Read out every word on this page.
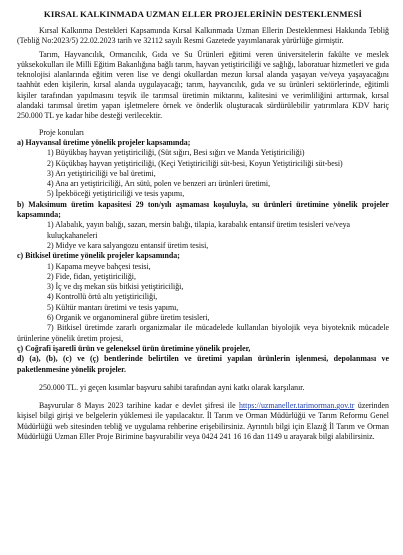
KIRSAL KALKINMADA UZMAN ELLER PROJELERİNİN DESTEKLENMESİ

Kırsal Kalkınma Destekleri Kapsamında Kırsal Kalkınmada Uzman Ellerin Desteklenmesi Hakkında Tebliğ (Tebliğ No:2023/5) 22.02.2023 tarih ve 32112 sayılı Resmi Gazetede yayımlanarak yürürlüğe girmiştir.

Tarım, Hayvancılık, Ormancılık, Gıda ve Su Ürünleri eğitimi veren üniversitelerin fakülte ve meslek yüksekokulları ile Milli Eğitim Bakanlığına bağlı tarım, hayvan yetiştiriciliği ve sağlığı, laboratuar hizmetleri ve gıda teknolojisi alanlarında eğitim veren lise ve dengi okullardan mezun kırsal alanda yaşayan ve/veya yaşayacağını taahhüt eden kişilerin, kırsal alanda uygulayacağı; tarım, hayvancılık, gıda ve su ürünleri sektörlerinde, eğitimli kişiler tarafından yapılmasını teşvik ile tarımsal üretimin miktarını, kalitesini ve verimliliğini arttırmak, kırsal alandaki tarımsal üretim yapan işletmelere örnek ve önderlik oluşturacak sürdürülebilir yatırımlara KDV hariç 250.000 TL ye kadar hibe desteği verilecektir.

Proje konuları

a) Hayvansal üretime yönelik projeler kapsamında;

1) Büyükbaş hayvan yetiştiriciliği, (Süt sığırı, Besi sığırı ve Manda Yetiştiriciliği)

2) Küçükbaş hayvan yetiştiriciliği, (Keçi Yetiştiriciliği süt-besi, Koyun Yetiştiriciliği süt-besi)

3) Arı yetiştiriciliği ve bal üretimi,

4) Ana arı yetiştiriciliği, Arı sütü, polen ve benzeri arı ürünleri üretimi,

5) İpekböceği yetiştiriciliği ve tesis yapımı,

b) Maksimum üretim kapasitesi 29 ton/yılı aşmaması koşuluyla, su ürünleri üretimine yönelik projeler kapsamında;

1) Alabalık, yayın balığı, sazan, mersin balığı, tilapia, karabalık entansif üretim tesisleri ve/veya kuluçkahaneleri

2) Midye ve kara salyangozu entansif üretim tesisi,

c) Bitkisel üretime yönelik projeler kapsamında;

1) Kapama meyve bahçesi tesisi,

2) Fide, fidan, yetiştiriciliği,

3) İç ve dış mekan süs bitkisi yetiştiriciliği,

4) Kontrollü örtü altı yetiştiriciliği,

5) Kültür mantarı üretimi ve tesis yapımı,

6) Organik ve organomineral gübre üretim tesisleri,

7) Bitkisel üretimde zararlı organizmalar ile mücadelede kullanılan biyolojik veya biyoteknik mücadele ürünlerine yönelik üretim projesi,

ç) Coğrafi işaretli ürün ve geleneksel ürün üretimine yönelik projeler,

d) (a), (b), (c) ve (ç) bentlerinde belirtilen ve üretimi yapılan ürünlerin işlenmesi, depolanması ve paketlenmesine yönelik projeler.

250.000 TL. yi geçen kısımlar başvuru sahibi tarafından ayni katkı olarak karşılanır.

Başvurular 8 Mayıs 2023 tarihine kadar e devlet şifresi ile https://uzmaneller.tarimorman.gov.tr üzerinden kişisel bilgi girişi ve belgelerin yüklemesi ile yapılacaktır. İl Tarım ve Orman Müdürlüğü ve Tarım Reformu Genel Müdürlüğü web sitesinden tebliğ ve uygulama rehberine erişebilirsiniz. Ayrıntılı bilgi için Elazığ İl Tarım ve Orman Müdürlüğü Uzman Eller Proje Birimine başvurabilir veya 0424 241 16 16 dan 1149 u arayarak bilgi alabilirsiniz.
